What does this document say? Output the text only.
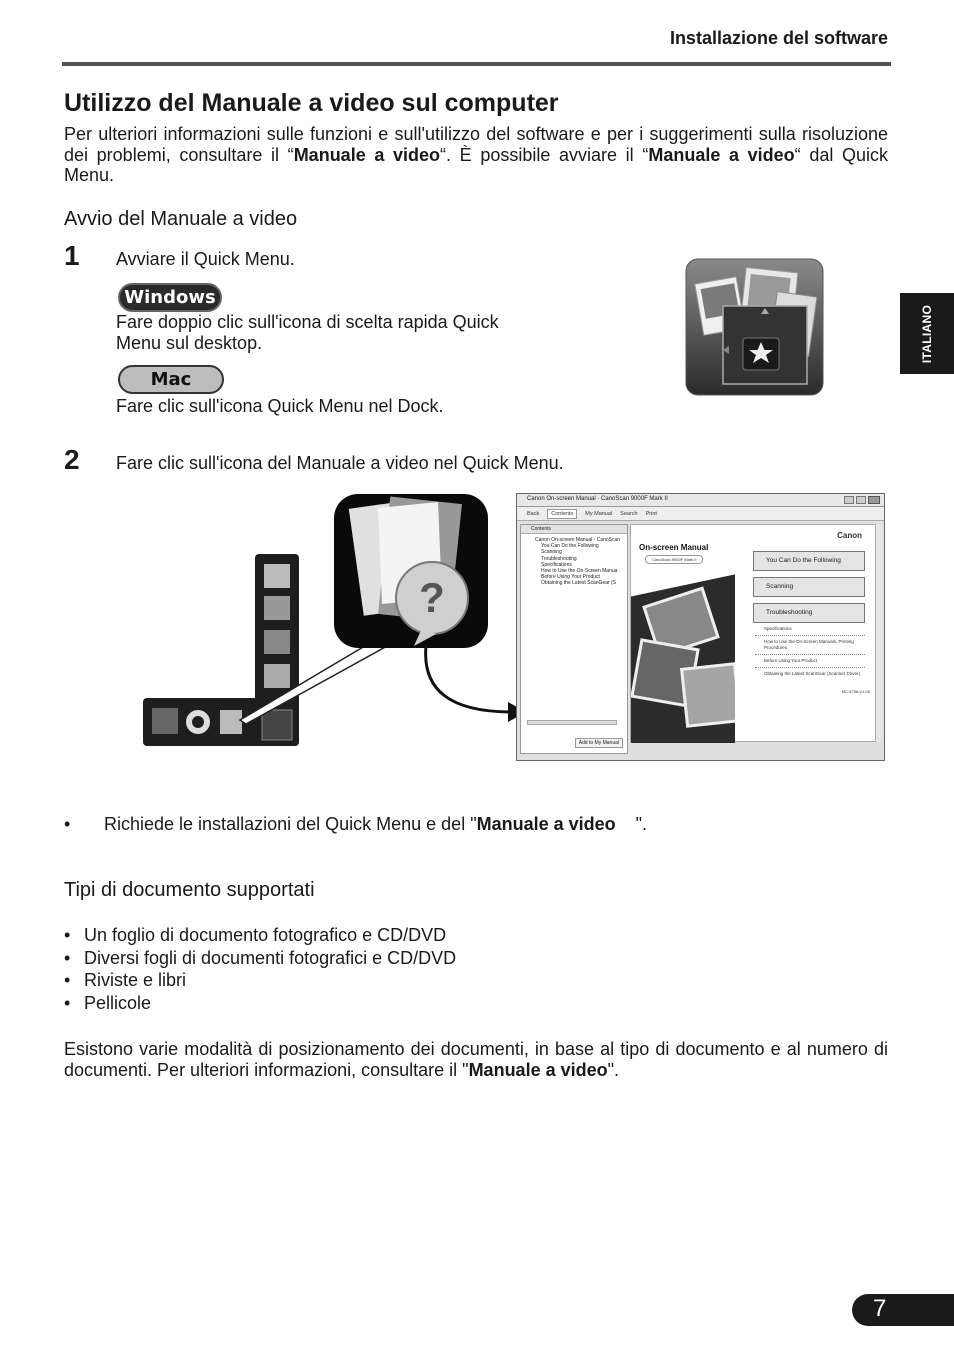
Installazione del software
ITALIANO
Utilizzo del Manuale a video sul computer

Per ulteriori informazioni sulle funzioni e sull'utilizzo del software e per i suggerimenti sulla risoluzione dei problemi, consultare il “Manuale a video“. È possibile avviare il “Manuale a video“ dal Quick Menu.

Avvio del Manuale a video
1 Avviare il Quick Menu.
Windows
Fare doppio clic sull'icona di scelta rapida Quick
Menu sul desktop.
Mac
Fare clic sull'icona Quick Menu nel Dock.
2 Fare clic sull'icona del Manuale a video nel Quick Menu.
?
Canon On-screen Manual · CanoScan 9000F Mark II
Back	Contents	My Manual Search Print
Contents
Canon On-screen Manual - CanoScan
You Can Do the Following
Scanning
Troubleshooting
Specifications
How to Use the On-Screen Manua
Before Using Your Product
Obtaining the Latest ScanGear (S
Add to My Manual
On-screen Manual
CanoScan 9000F Mark II
Canon
You Can Do the Following
Scanning
Troubleshooting
Specifications
How to Use the On-Screen Manuals, Printing Procedures
Before Using Your Product
Obtaining the Latest ScanGear (Scanner Driver)
MC-6756-V1.00
• Richiede le installazioni del Quick Menu e del "Manuale a video ".
Tipi di documento supportati
• Un foglio di documento fotografico e CD/DVD
• Diversi fogli di documenti fotografici e CD/DVD
• Riviste e libri
• Pellicole

Esistono varie modalità di posizionamento dei documenti, in base al tipo di documento e al numero di documenti. Per ulteriori informazioni, consultare il "Manuale a video".

7
